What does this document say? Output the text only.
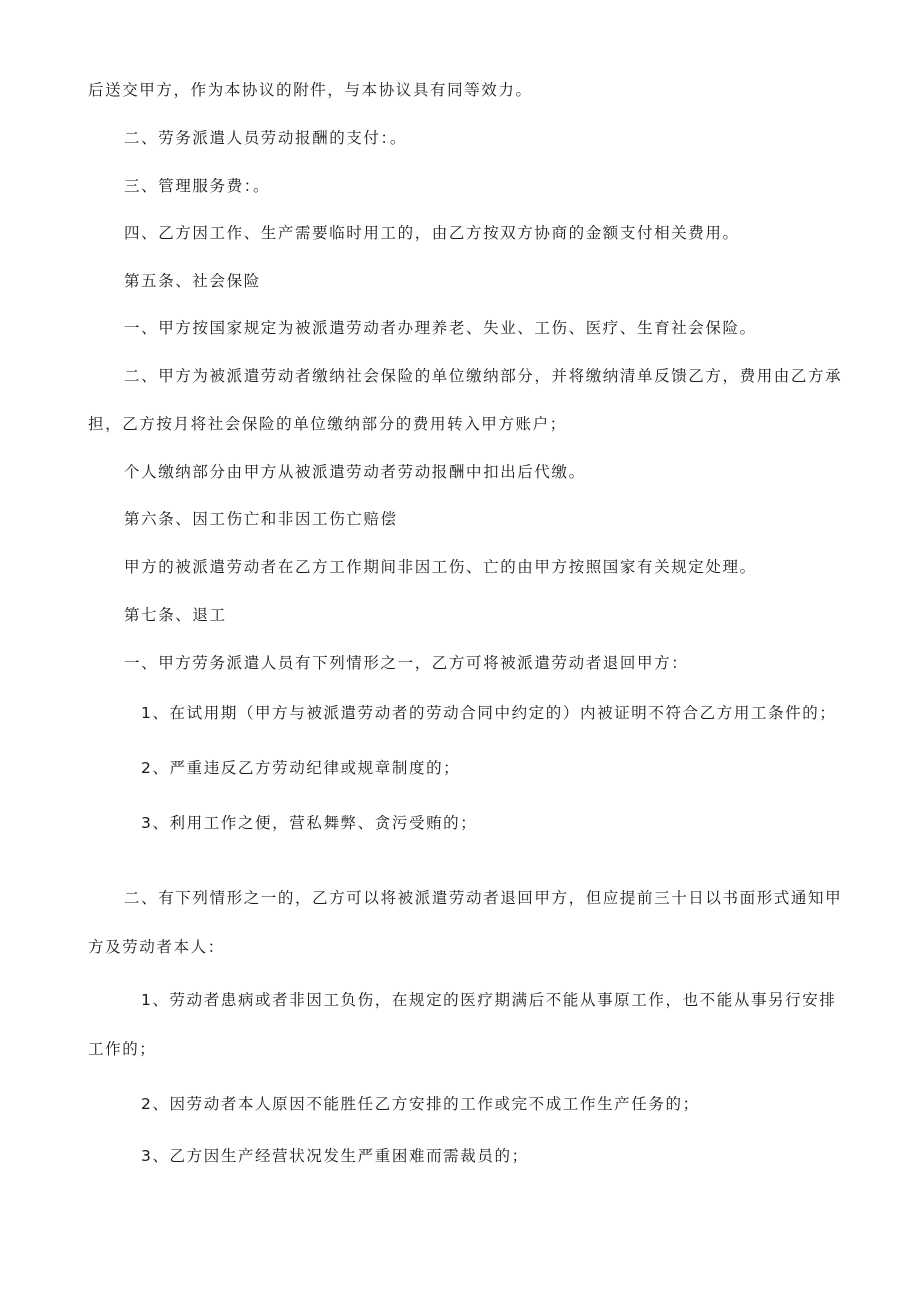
后送交甲方，作为本协议的附件，与本协议具有同等效力。
二、劳务派遣人员劳动报酬的支付：。
三、管理服务费：。
四、乙方因工作、生产需要临时用工的，由乙方按双方协商的金额支付相关费用。
第五条、社会保险
一、甲方按国家规定为被派遣劳动者办理养老、失业、工伤、医疗、生育社会保险。
二、甲方为被派遣劳动者缴纳社会保险的单位缴纳部分，并将缴纳清单反馈乙方，费用由乙方承
担，乙方按月将社会保险的单位缴纳部分的费用转入甲方账户；
个人缴纳部分由甲方从被派遣劳动者劳动报酬中扣出后代缴。
第六条、因工伤亡和非因工伤亡赔偿
甲方的被派遣劳动者在乙方工作期间非因工伤、亡的由甲方按照国家有关规定处理。
第七条、退工
一、甲方劳务派遣人员有下列情形之一，乙方可将被派遣劳动者退回甲方：
1、在试用期（甲方与被派遣劳动者的劳动合同中约定的）内被证明不符合乙方用工条件的；
2、严重违反乙方劳动纪律或规章制度的；
3、利用工作之便，营私舞弊、贪污受贿的；
二、有下列情形之一的，乙方可以将被派遣劳动者退回甲方，但应提前三十日以书面形式通知甲
方及劳动者本人：
1、劳动者患病或者非因工负伤，在规定的医疗期满后不能从事原工作，也不能从事另行安排
工作的；
2、因劳动者本人原因不能胜任乙方安排的工作或完不成工作生产任务的；
3、乙方因生产经营状况发生严重困难而需裁员的；
